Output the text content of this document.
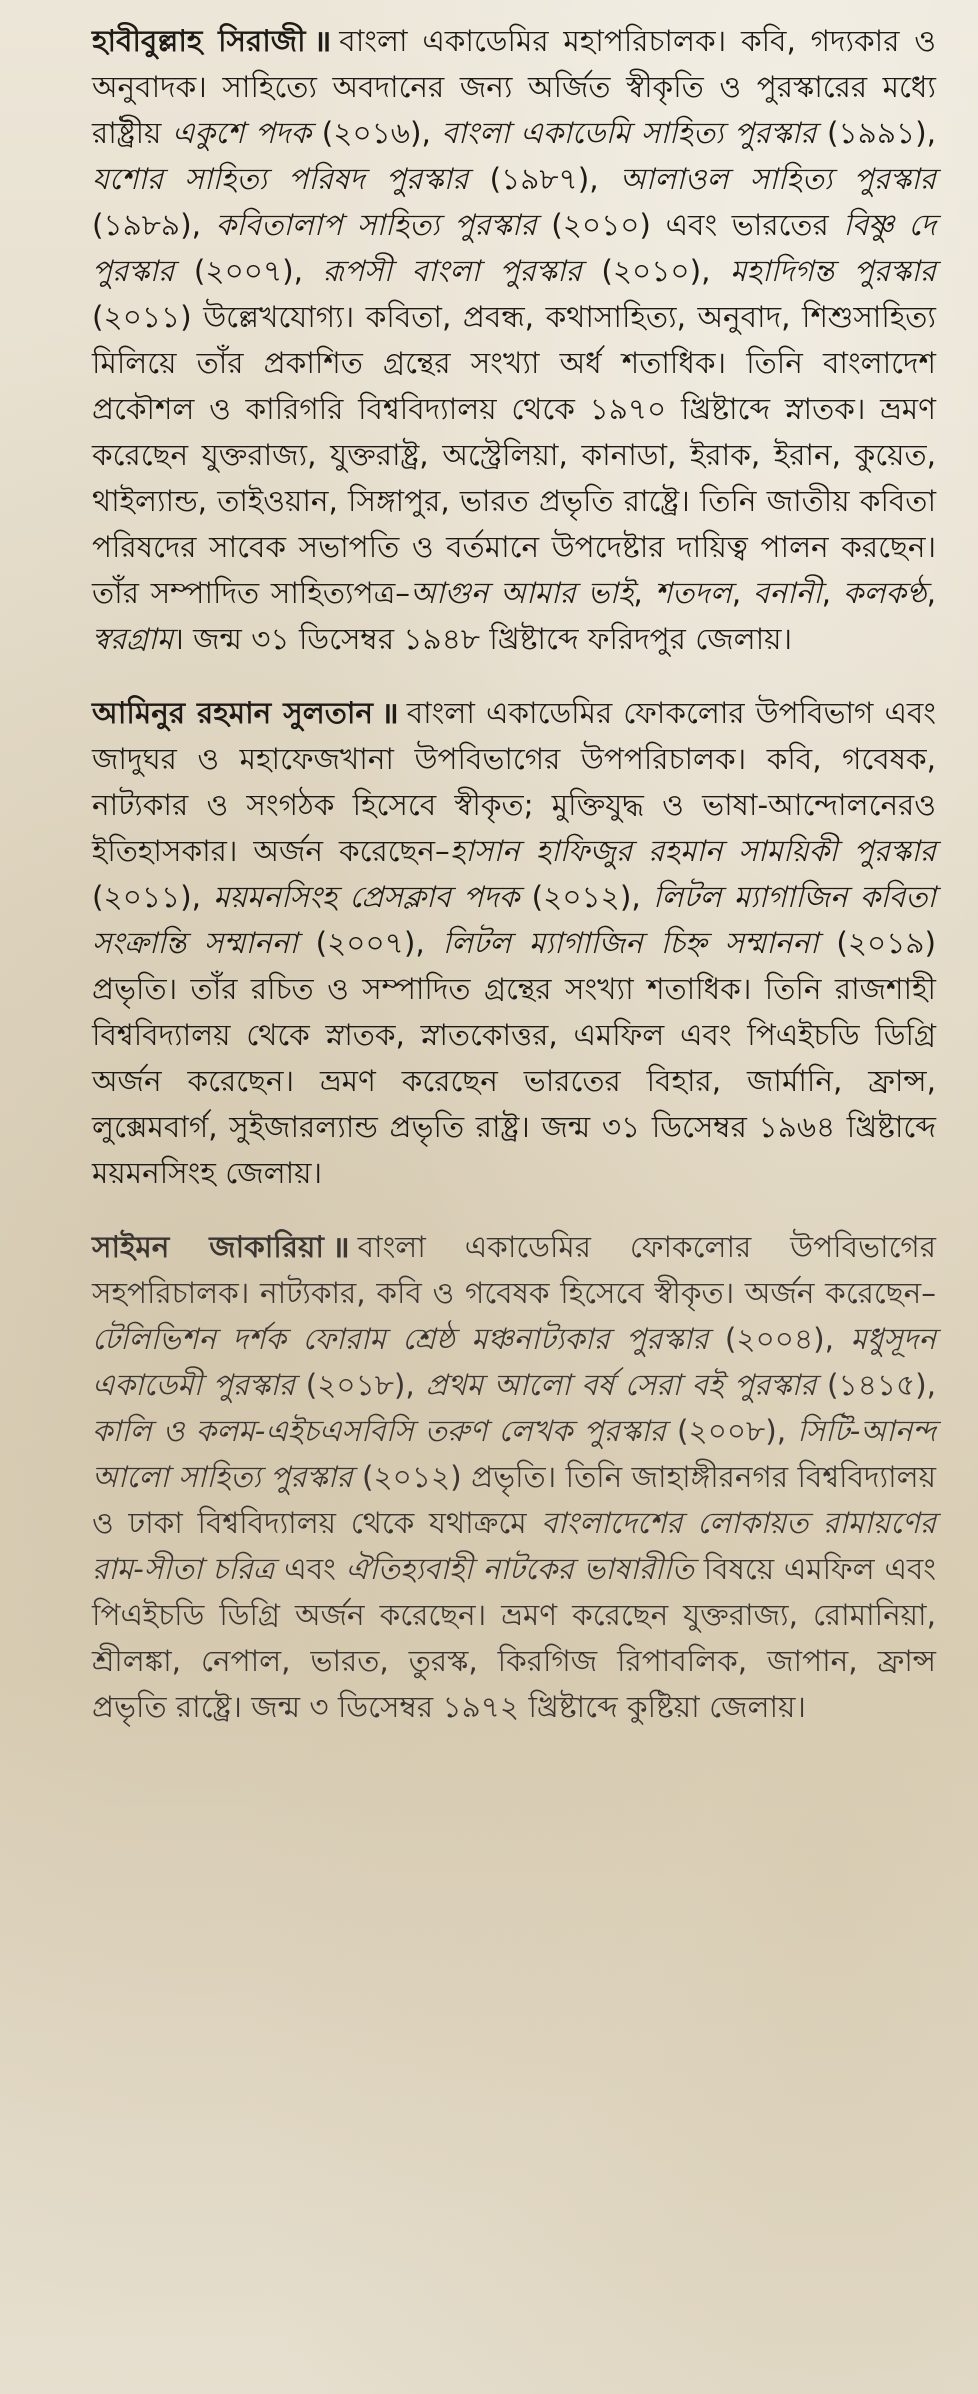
হাবীবুল্লাহ সিরাজী ॥ বাংলা একাডেমির মহাপরিচালক। কবি, গদ্যকার ও অনুবাদক। সাহিত্যে অবদানের জন্য অর্জিত স্বীকৃতি ও পুরস্কারের মধ্যে রাষ্ট্রীয় একুশে পদক (২০১৬), বাংলা একাডেমি সাহিত্য পুরস্কার (১৯৯১), যশোর সাহিত্য পরিষদ পুরস্কার (১৯৮৭), আলাওল সাহিত্য পুরস্কার (১৯৮৯), কবিতালাপ সাহিত্য পুরস্কার (২০১০) এবং ভারতের বিষ্ণু দে পুরস্কার (২০০৭), রূপসী বাংলা পুরস্কার (২০১০), মহাদিগন্ত পুরস্কার (২০১১) উল্লেখযোগ্য। কবিতা, প্রবন্ধ, কথাসাহিত্য, অনুবাদ, শিশুসাহিত্য মিলিয়ে তাঁর প্রকাশিত গ্রন্থের সংখ্যা অর্ধ শতাধিক। তিনি বাংলাদেশ প্রকৌশল ও কারিগরি বিশ্ববিদ্যালয় থেকে ১৯৭০ খ্রিষ্টাব্দে স্নাতক। ভ্রমণ করেছেন যুক্তরাজ্য, যুক্তরাষ্ট্র, অস্ট্রেলিয়া, কানাডা, ইরাক, ইরান, কুয়েত, থাইল্যান্ড, তাইওয়ান, সিঙ্গাপুর, ভারত প্রভৃতি রাষ্ট্রে। তিনি জাতীয় কবিতা পরিষদের সাবেক সভাপতি ও বর্তমানে উপদেষ্টার দায়িত্ব পালন করছেন। তাঁর সম্পাদিত সাহিত্যপত্র–আগুন আমার ভাই, শতদল, বনানী, কলকণ্ঠ, স্বরগ্রাম। জন্ম ৩১ ডিসেম্বর ১৯৪৮ খ্রিষ্টাব্দে ফরিদপুর জেলায়।

আমিনুর রহমান সুলতান ॥ বাংলা একাডেমির ফোকলোর উপবিভাগ এবং জাদুঘর ও মহাফেজখানা উপবিভাগের উপপরিচালক। কবি, গবেষক, নাট্যকার ও সংগঠক হিসেবে স্বীকৃত; মুক্তিযুদ্ধ ও ভাষা-আন্দোলনেরও ইতিহাসকার। অর্জন করেছেন–হাসান হাফিজুর রহমান সাময়িকী পুরস্কার (২০১১), ময়মনসিংহ প্রেসক্লাব পদক (২০১২), লিটল ম্যাগাজিন কবিতা সংক্রান্তি সম্মাননা (২০০৭), লিটল ম্যাগাজিন চিহ্ন সম্মাননা (২০১৯) প্রভৃতি। তাঁর রচিত ও সম্পাদিত গ্রন্থের সংখ্যা শতাধিক। তিনি রাজশাহী বিশ্ববিদ্যালয় থেকে স্নাতক, স্নাতকোত্তর, এমফিল এবং পিএইচডি ডিগ্রি অর্জন করেছেন। ভ্রমণ করেছেন ভারতের বিহার, জার্মানি, ফ্রান্স, লুক্সেমবার্গ, সুইজারল্যান্ড প্রভৃতি রাষ্ট্র। জন্ম ৩১ ডিসেম্বর ১৯৬৪ খ্রিষ্টাব্দে ময়মনসিংহ জেলায়।

সাইমন জাকারিয়া ॥ বাংলা একাডেমির ফোকলোর উপবিভাগের সহপরিচালক। নাট্যকার, কবি ও গবেষক হিসেবে স্বীকৃত। অর্জন করেছেন–টেলিভিশন দর্শক ফোরাম শ্রেষ্ঠ মঞ্চনাট্যকার পুরস্কার (২০০৪), মধুসূদন একাডেমী পুরস্কার (২০১৮), প্রথম আলো বর্ষ সেরা বই পুরস্কার (১৪১৫), কালি ও কলম-এইচএসবিসি তরুণ লেখক পুরস্কার (২০০৮), সিটি-আনন্দ আলো সাহিত্য পুরস্কার (২০১২) প্রভৃতি। তিনি জাহাঙ্গীরনগর বিশ্ববিদ্যালয় ও ঢাকা বিশ্ববিদ্যালয় থেকে যথাক্রমে বাংলাদেশের লোকায়ত রামায়ণের রাম-সীতা চরিত্র এবং ঐতিহ্যবাহী নাটকের ভাষারীতি বিষয়ে এমফিল এবং পিএইচডি ডিগ্রি অর্জন করেছেন। ভ্রমণ করেছেন যুক্তরাজ্য, রোমানিয়া, শ্রীলঙ্কা, নেপাল, ভারত, তুরস্ক, কিরগিজ রিপাবলিক, জাপান, ফ্রান্স প্রভৃতি রাষ্ট্রে। জন্ম ৩ ডিসেম্বর ১৯৭২ খ্রিষ্টাব্দে কুষ্টিয়া জেলায়।
